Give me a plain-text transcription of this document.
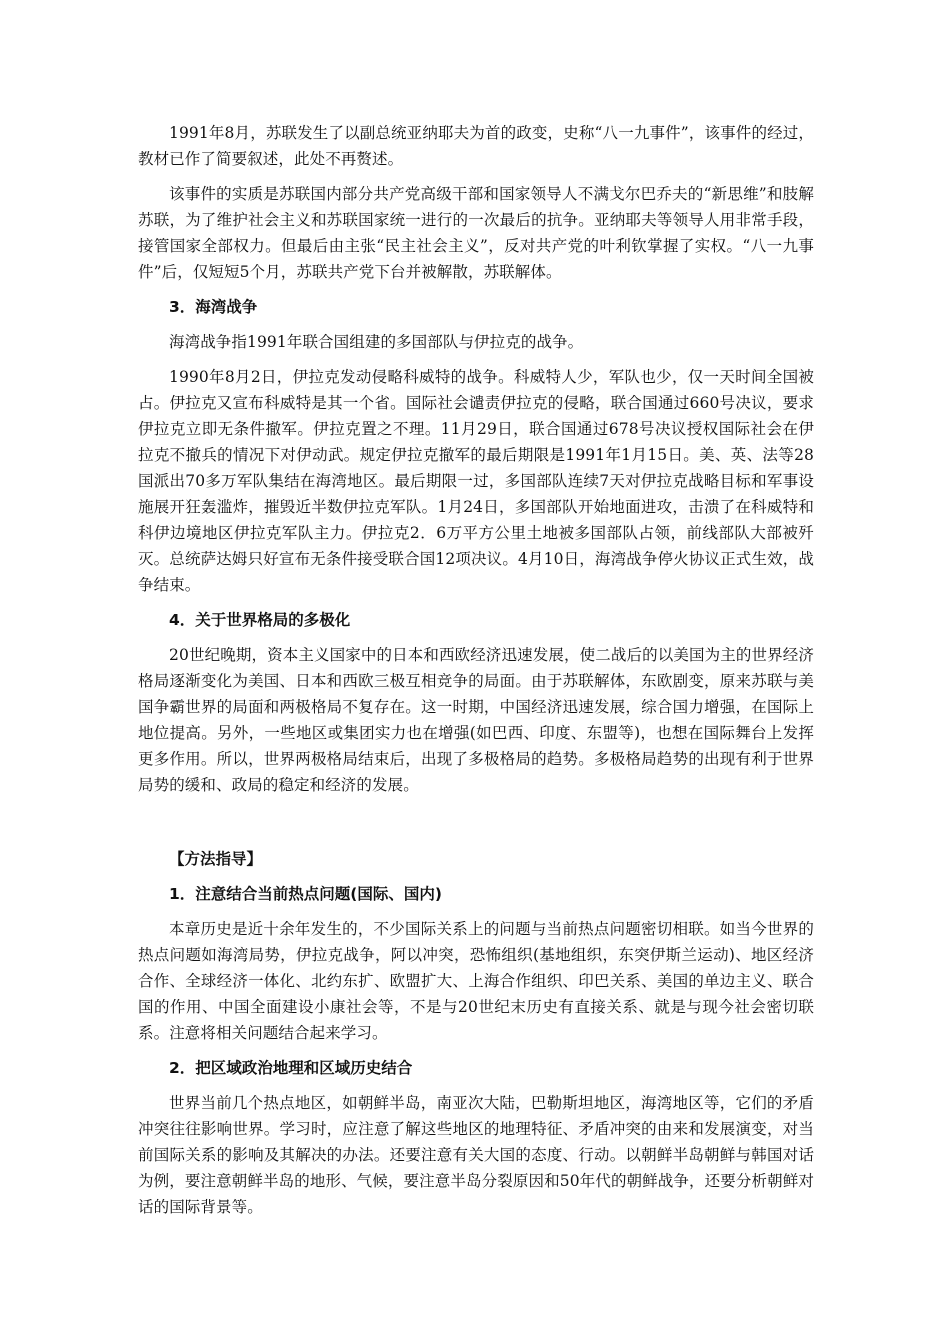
1991年8月，苏联发生了以副总统亚纳耶夫为首的政变，史称“八一九事件”，该事件的经过，教材已作了简要叙述，此处不再赘述。

该事件的实质是苏联国内部分共产党高级干部和国家领导人不满戈尔巴乔夫的“新思维”和肢解苏联，为了维护社会主义和苏联国家统一进行的一次最后的抗争。亚纳耶夫等领导人用非常手段，接管国家全部权力。但最后由主张“民主社会主义”，反对共产党的叶利钦掌握了实权。“八一九事件”后，仅短短5个月，苏联共产党下台并被解散，苏联解体。

3．海湾战争

海湾战争指1991年联合国组建的多国部队与伊拉克的战争。

1990年8月2日，伊拉克发动侵略科威特的战争。科威特人少，军队也少，仅一天时间全国被占。伊拉克又宣布科威特是其一个省。国际社会谴责伊拉克的侵略，联合国通过660号决议，要求伊拉克立即无条件撤军。伊拉克置之不理。11月29日，联合国通过678号决议授权国际社会在伊拉克不撤兵的情况下对伊动武。规定伊拉克撤军的最后期限是1991年1月15日。美、英、法等28国派出70多万军队集结在海湾地区。最后期限一过，多国部队连续7天对伊拉克战略目标和军事设施展开狂轰滥炸，摧毁近半数伊拉克军队。1月24日，多国部队开始地面进攻，击溃了在科威特和科伊边境地区伊拉克军队主力。伊拉克2．6万平方公里土地被多国部队占领，前线部队大部被歼灭。总统萨达姆只好宣布无条件接受联合国12项决议。4月10日，海湾战争停火协议正式生效，战争结束。

4．关于世界格局的多极化

20世纪晚期，资本主义国家中的日本和西欧经济迅速发展，使二战后的以美国为主的世界经济格局逐渐变化为美国、日本和西欧三极互相竞争的局面。由于苏联解体，东欧剧变，原来苏联与美国争霸世界的局面和两极格局不复存在。这一时期，中国经济迅速发展，综合国力增强，在国际上地位提高。另外，一些地区或集团实力也在增强(如巴西、印度、东盟等)，也想在国际舞台上发挥更多作用。所以，世界两极格局结束后，出现了多极格局的趋势。多极格局趋势的出现有利于世界局势的缓和、政局的稳定和经济的发展。

【方法指导】

1．注意结合当前热点问题(国际、国内)

本章历史是近十余年发生的，不少国际关系上的问题与当前热点问题密切相联。如当今世界的热点问题如海湾局势，伊拉克战争，阿以冲突，恐怖组织(基地组织，东突伊斯兰运动)、地区经济合作、全球经济一体化、北约东扩、欧盟扩大、上海合作组织、印巴关系、美国的单边主义、联合国的作用、中国全面建设小康社会等，不是与20世纪末历史有直接关系、就是与现今社会密切联系。注意将相关问题结合起来学习。

2．把区域政治地理和区域历史结合

世界当前几个热点地区，如朝鲜半岛，南亚次大陆，巴勒斯坦地区，海湾地区等，它们的矛盾冲突往往影响世界。学习时，应注意了解这些地区的地理特征、矛盾冲突的由来和发展演变，对当前国际关系的影响及其解决的办法。还要注意有关大国的态度、行动。以朝鲜半岛朝鲜与韩国对话为例，要注意朝鲜半岛的地形、气候，要注意半岛分裂原因和50年代的朝鲜战争，还要分析朝鲜对话的国际背景等。
